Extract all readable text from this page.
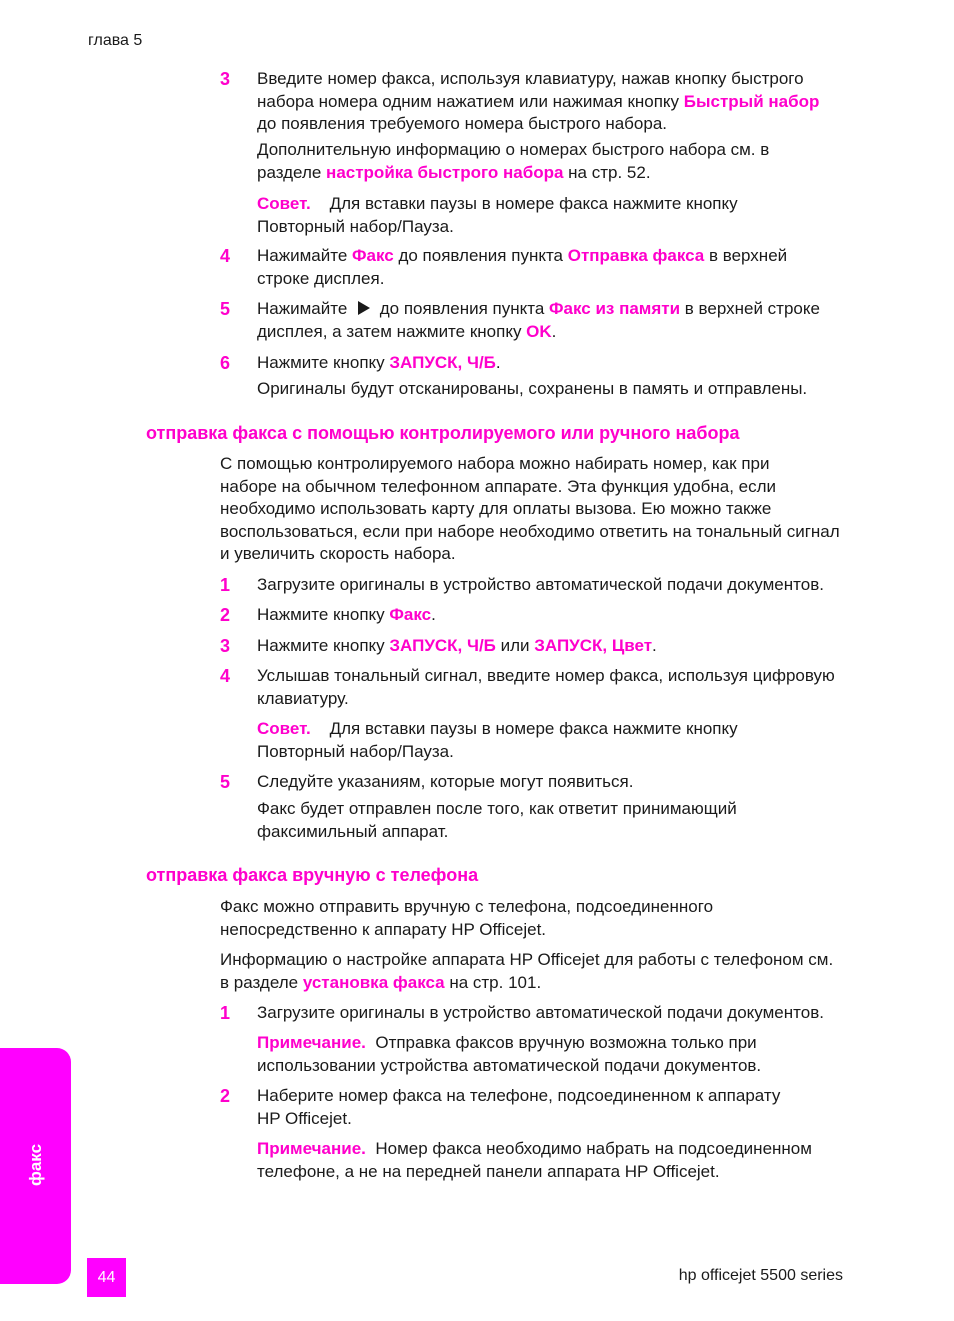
глава 5
3 Введите номер факса, используя клавиатуру, нажав кнопку быстрого
набора номера одним нажатием или нажимая кнопку Быстрый набор
до появления требуемого номера быстрого набора.
Дополнительную информацию о номерах быстрого набора см. в
разделе настройка быстрого набора на стр. 52.
Совет. Для вставки паузы в номере факса нажмите кнопку
Повторный набор/Паузa.
4 Нажимайте Факс до появления пункта Отправка факса в верхней
строке дисплея.
5 Нажимайте  до появления пункта Факс из памяти в верхней строке
дисплея, а затем нажмите кнопку OK.
6 Нажмите кнопку ЗАПУСК, Ч/Б.
Оригиналы будут отсканированы, сохранены в память и отправлены.
отправка факса с помощью контролируемого или ручного набора
С помощью контролируемого набора можно набирать номер, как при
наборе на обычном телефонном аппарате. Эта функция удобна, если
необходимо использовать карту для оплаты вызова. Ею можно также
воспользоваться, если при наборе необходимо ответить на тональный сигнал
и увеличить скорость набора.
1 Загрузите оригиналы в устройство автоматической подачи документов.
2 Нажмите кнопку Факс.
3 Нажмите кнопку ЗАПУСК, Ч/Б или ЗАПУСК, Цвет.
4 Услышав тональный сигнал, введите номер факса, используя цифровую
клавиатуру.
Совет. Для вставки паузы в номере факса нажмите кнопку
Повторный набор/Паузa.
5 Следуйте указаниям, которые могут появиться.
Факс будет отправлен после того, как ответит принимающий
факсимильный аппарат.
отправка факса вручную с телефона
Факс можно отправить вручную с телефона, подсоединенного
непосредственно к аппарату HP Officejet.
Информацию о настройке аппарата HP Officejet для работы с телефоном см.
в разделе установка факса на стр. 101.
1 Загрузите оригиналы в устройство автоматической подачи документов.
Примечание. Отправка факсов вручную возможна только при
использовании устройства автоматической подачи документов.
2 Наберите номер факса на телефоне, подсоединенном к аппарату
HP Officejet.
Примечание. Номер факса необходимо набрать на подсоединенном
телефоне, а не на передней панели аппарата HP Officejet.
факс
44	hp officejet 5500 series
